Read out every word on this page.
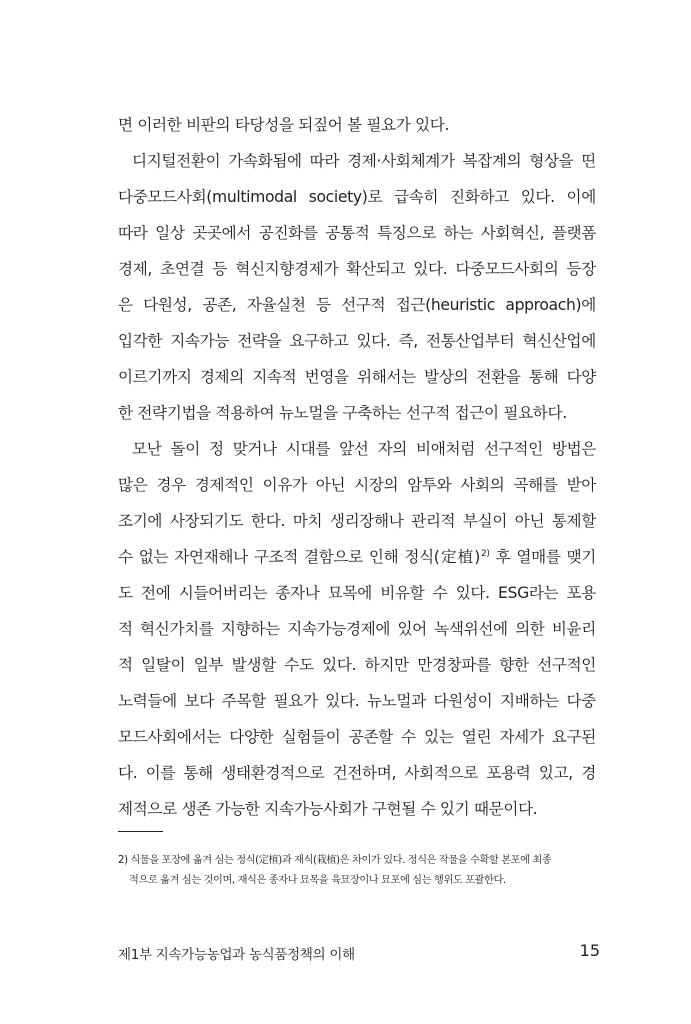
면 이러한 비판의 타당성을 되짚어 볼 필요가 있다.
디지털전환이 가속화됨에 따라 경제·사회체계가 복잡계의 형상을 띤
다중모드사회(multimodal society)로 급속히 진화하고 있다. 이에
따라 일상 곳곳에서 공진화를 공통적 특징으로 하는 사회혁신, 플랫폼
경제, 초연결 등 혁신지향경제가 확산되고 있다. 다중모드사회의 등장
은 다원성, 공존, 자율실천 등 선구적 접근(heuristic approach)에
입각한 지속가능 전략을 요구하고 있다. 즉, 전통산업부터 혁신산업에
이르기까지 경제의 지속적 번영을 위해서는 발상의 전환을 통해 다양
한 전략기법을 적용하여 뉴노멀을 구축하는 선구적 접근이 필요하다.
모난 돌이 정 맞거나 시대를 앞선 자의 비애처럼 선구적인 방법은
많은 경우 경제적인 이유가 아닌 시장의 암투와 사회의 곡해를 받아
조기에 사장되기도 한다. 마치 생리장해나 관리적 부실이 아닌 통제할
수 없는 자연재해나 구조적 결함으로 인해 정식(定植)$^{2)}$ 후 열매를 맺기
도 전에 시들어버리는 종자나 묘목에 비유할 수 있다. ESG라는 포용
적 혁신가치를 지향하는 지속가능경제에 있어 녹색위선에 의한 비윤리
적 일탈이 일부 발생할 수도 있다. 하지만 만경창파를 향한 선구적인
노력들에 보다 주목할 필요가 있다. 뉴노멀과 다원성이 지배하는 다중
모드사회에서는 다양한 실험들이 공존할 수 있는 열린 자세가 요구된
다. 이를 통해 생태환경적으로 건전하며, 사회적으로 포용력 있고, 경
제적으로 생존 가능한 지속가능사회가 구현될 수 있기 때문이다.
2) 식물을 포장에 옮겨 심는 정식(定植)과 재식(栽植)은 차이가 있다. 정식은 작물을 수확할 본포에 최종
적으로 옮겨 심는 것이며, 재식은 종자나 묘목을 육묘장이나 묘포에 심는 행위도 포괄한다.
제1부 지속가능농업과 농식품정책의 이해	15
